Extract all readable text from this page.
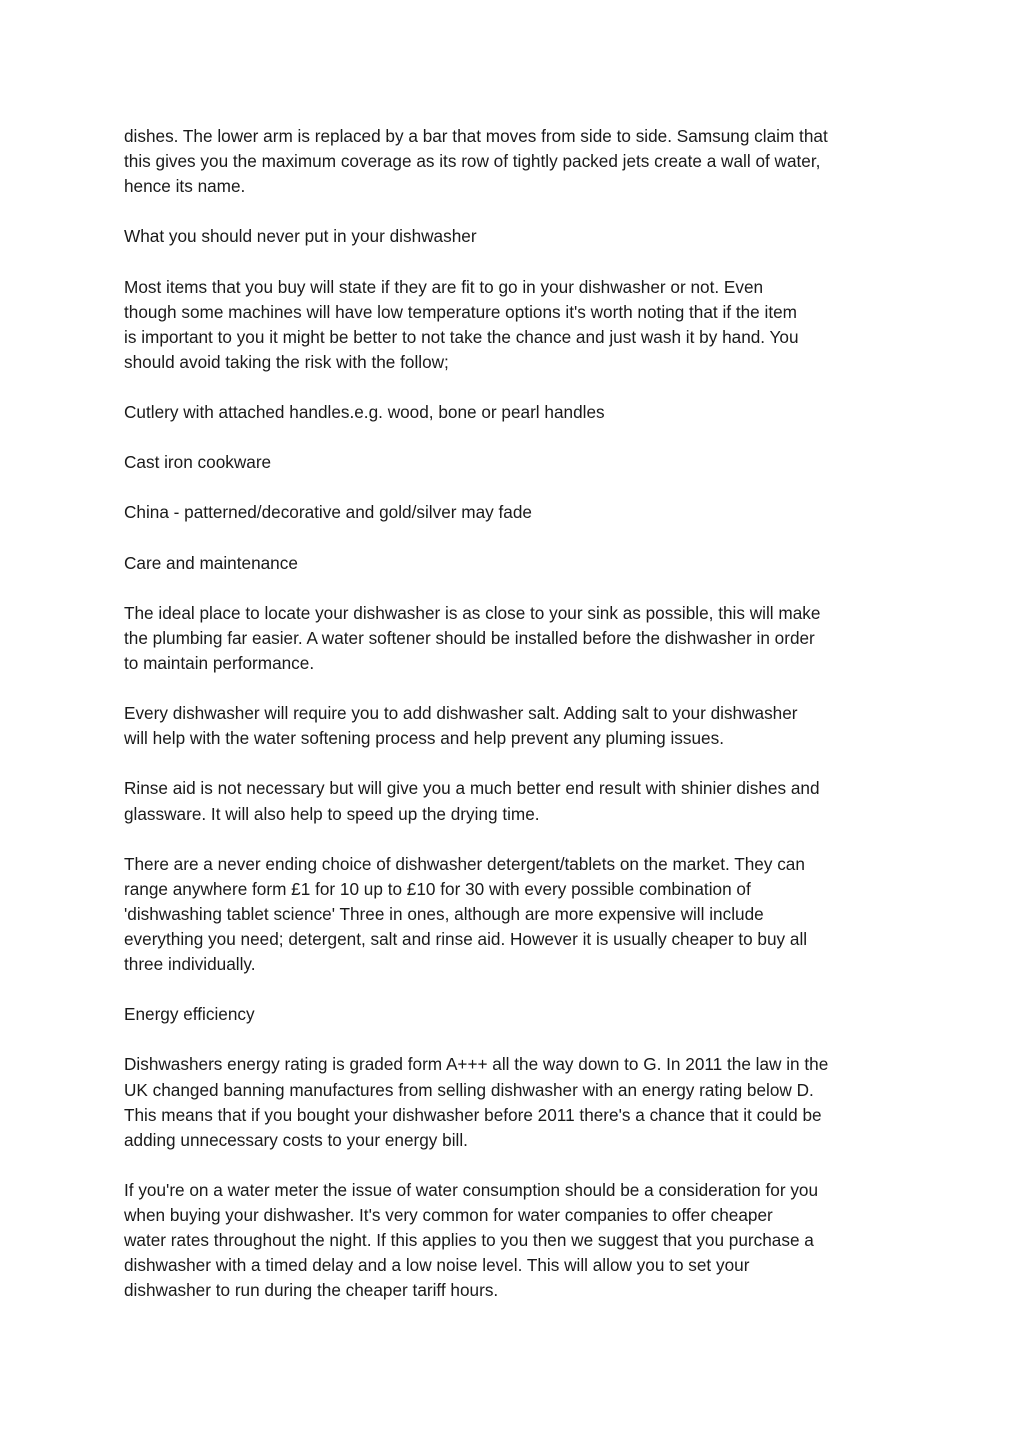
dishes. The lower arm is replaced by a bar that moves from side to side. Samsung claim that
this gives you the maximum coverage as its row of tightly packed jets create a wall of water,
hence its name.

What you should never put in your dishwasher

Most items that you buy will state if they are fit to go in your dishwasher or not. Even
though some machines will have low temperature options it's worth noting that if the item
is important to you it might be better to not take the chance and just wash it by hand. You
should avoid taking the risk with the follow;

Cutlery with attached handles.e.g. wood, bone or pearl handles

Cast iron cookware

China - patterned/decorative and gold/silver may fade

Care and maintenance

The ideal place to locate your dishwasher is as close to your sink as possible, this will make
the plumbing far easier. A water softener should be installed before the dishwasher in order
to maintain performance.

Every dishwasher will require you to add dishwasher salt. Adding salt to your dishwasher
will help with the water softening process and help prevent any pluming issues.

Rinse aid is not necessary but will give you a much better end result with shinier dishes and
glassware. It will also help to speed up the drying time.

There are a never ending choice of dishwasher detergent/tablets on the market. They can
range anywhere form £1 for 10 up to £10 for 30 with every possible combination of
'dishwashing tablet science' Three in ones, although are more expensive will include
everything you need; detergent, salt and rinse aid. However it is usually cheaper to buy all
three individually.

Energy efficiency

Dishwashers energy rating is graded form A+++ all the way down to G. In 2011 the law in the
UK changed banning manufactures from selling dishwasher with an energy rating below D.
This means that if you bought your dishwasher before 2011 there's a chance that it could be
adding unnecessary costs to your energy bill.

If you're on a water meter the issue of water consumption should be a consideration for you
when buying your dishwasher. It's very common for water companies to offer cheaper
water rates throughout the night. If this applies to you then we suggest that you purchase a
dishwasher with a timed delay and a low noise level. This will allow you to set your
dishwasher to run during the cheaper tariff hours.
